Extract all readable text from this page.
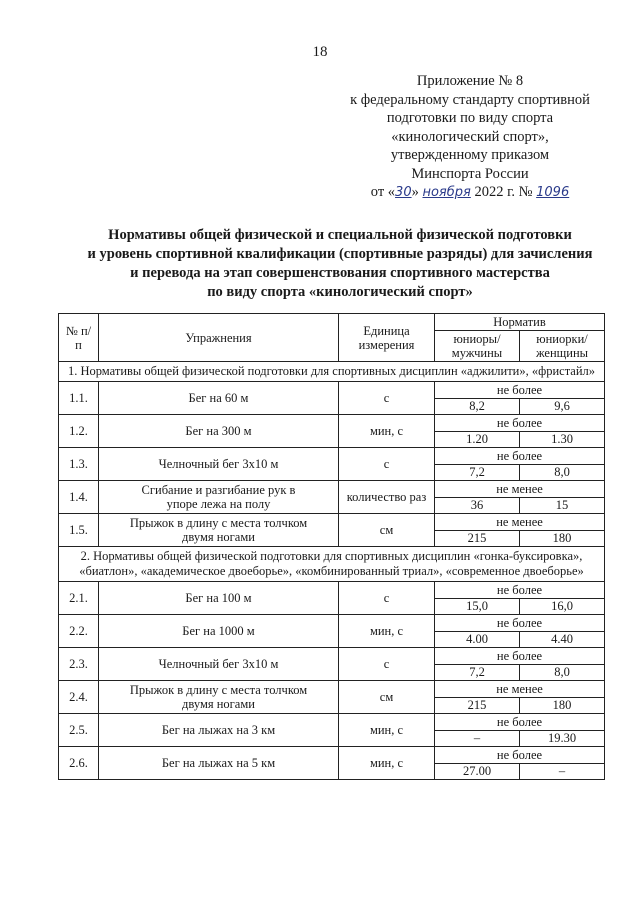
18
Приложение № 8
к федеральному стандарту спортивной
подготовки по виду спорта
«кинологический спорт»,
утвержденному приказом
Минспорта России
от «30» ноября 2022 г. № 1096
Нормативы общей физической и специальной физической подготовки
и уровень спортивной квалификации (спортивные разряды) для зачисления
и перевода на этап совершенствования спортивного мастерства
по виду спорта «кинологический спорт»
№ п/п	Упражнения	Единица измерения	Норматив	
			юниоры/ мужчины	юниорки/ женщины
1. Нормативы общей физической подготовки для спортивных дисциплин «аджилити», «фристайл»				
1.1.	Бег на 60 м	с	не более	
			8,2	9,6
1.2.	Бег на 300 м	мин, с	не более	
			1.20	1.30
1.3.	Челночный бег 3x10 м	с	не более	
			7,2	8,0
1.4.	Сгибание и разгибание рук в упоре лежа на полу	количество раз	не менее	
			36	15
1.5.	Прыжок в длину с места толчком двумя ногами	см	не менее	
			215	180
2. Нормативы общей физической подготовки для спортивных дисциплин «гонка-буксировка», «биатлон», «академическое двоеборье», «комбинированный триал», «современное двоеборье»				
2.1.	Бег на 100 м	с	не более	
			15,0	16,0
2.2.	Бег на 1000 м	мин, с	не более	
			4.00	4.40
2.3.	Челночный бег 3x10 м	с	не более	
			7,2	8,0
2.4.	Прыжок в длину с места толчком двумя ногами	см	не менее	
			215	180
2.5.	Бег на лыжах на 3 км	мин, с	не более	
			–	19.30
2.6.	Бег на лыжах на 5 км	мин, с	не более	
			27.00	–
